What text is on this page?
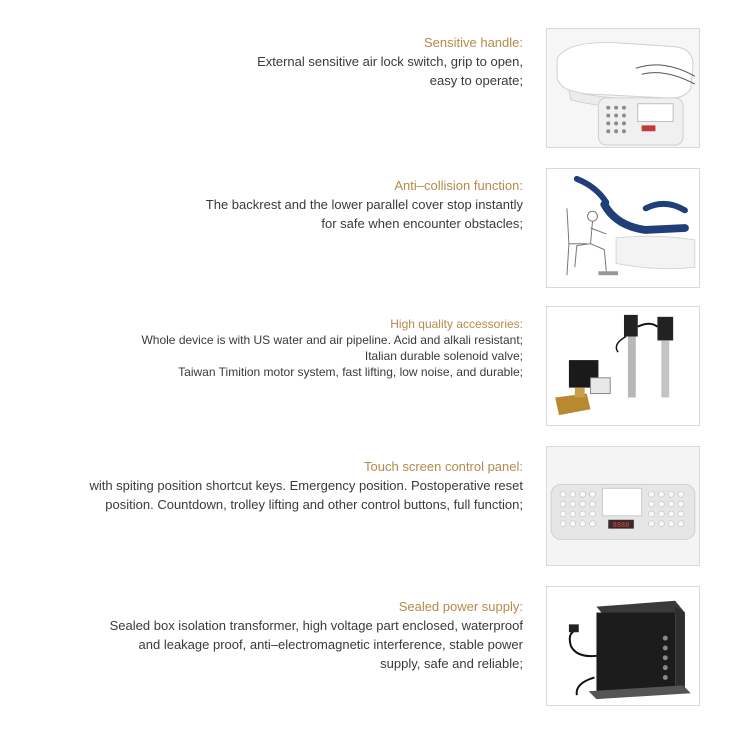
Sensitive handle:
External sensitive air lock switch, grip to open,
easy to operate;
Anti–collision function:
The backrest and the lower parallel cover stop instantly
for safe when encounter obstacles;
High quality accessories:
Whole device is with US water and air pipeline. Acid and alkali resistant;
Italian durable solenoid valve;
Taiwan Timition motor system, fast lifting, low noise, and durable;
Touch screen control panel:
with spiting position shortcut keys. Emergency position. Postoperative reset
position. Countdown, trolley lifting and other control buttons, full function;
8888
Sealed power supply:
Sealed box isolation transformer, high voltage part enclosed, waterproof
and leakage proof, anti–electromagnetic interference, stable power
supply, safe and reliable;
